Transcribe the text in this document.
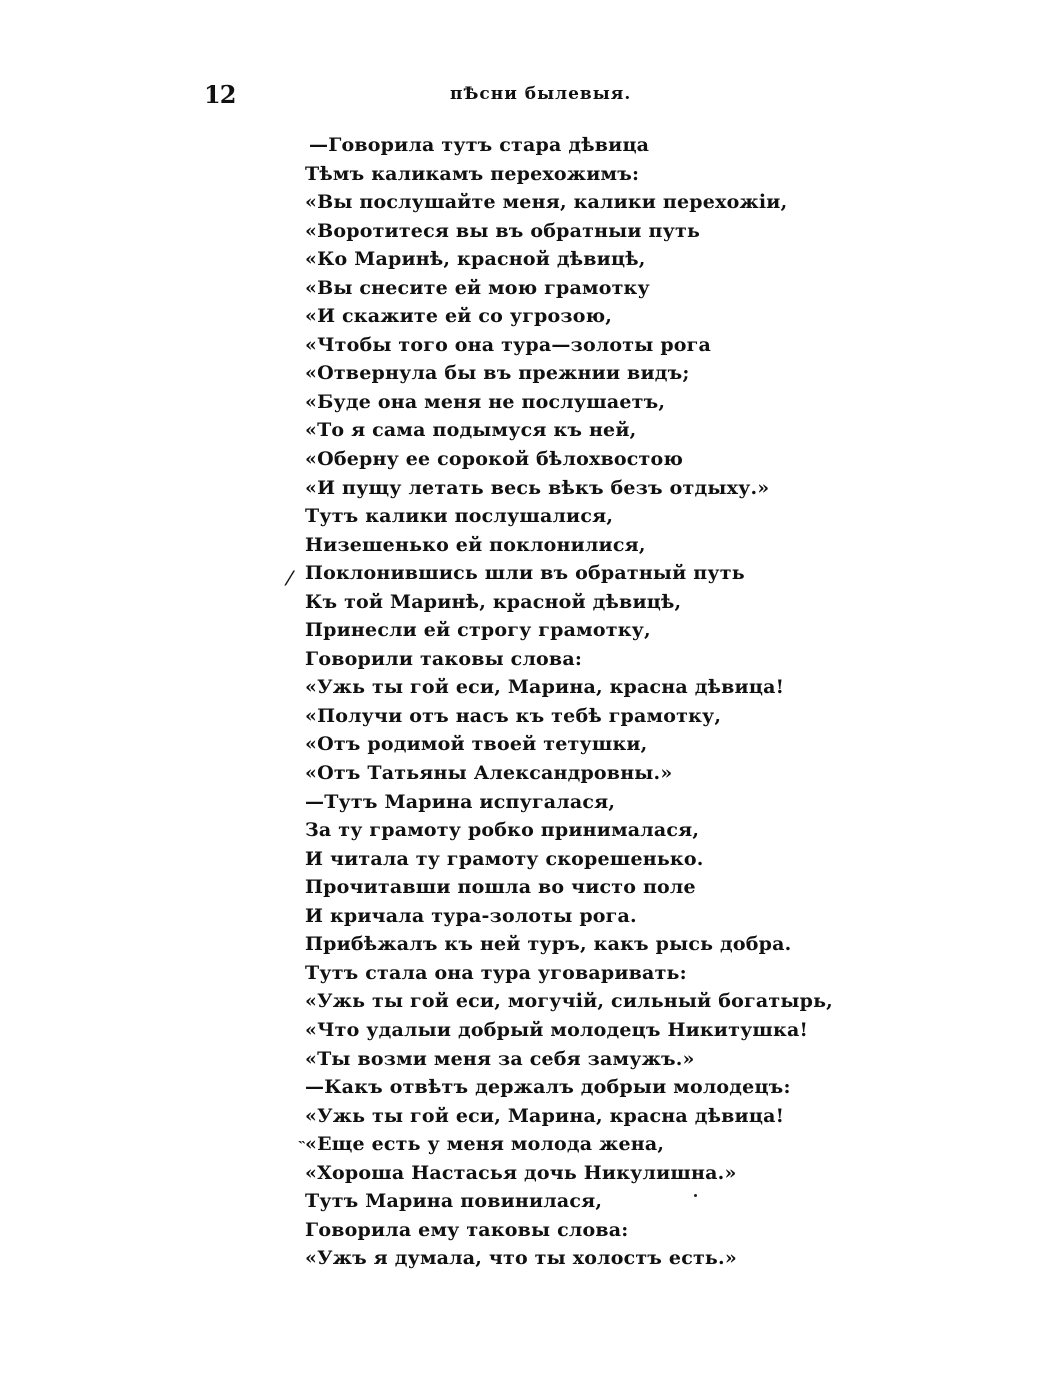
12	пѢсни былевыя.
—Говорила тутъ стара дѣвица
Тѣмъ каликамъ перехожимъ:
«Вы послушайте меня, калики перехожіи,
«Воротитеся вы въ обратныи путь
«Ко Маринѣ, красной дѣвицѣ,
«Вы снесите ей мою грамотку
«И скажите ей со угрозою,
«Чтобы того она тура—золоты рога
«Отвернула бы въ прежнии видъ;
«Буде она меня не послушаетъ,
«То я сама подымуся къ ней,
«Оберну ее сорокой бѣлохвостою
«И пущу летать весь вѣкъ безъ отдыху.»
Тутъ калики послушалися,
Низешенько ей поклонилися,
Поклонившись шли въ обратный путь
Къ той Маринѣ, красной дѣвицѣ,
Принесли ей строгу грамотку,
Говорили таковы слова:
«Ужь ты гой еси, Марина, красна дѣвица!
«Получи отъ насъ къ тебѣ грамотку,
«Отъ родимой твоей тетушки,
«Отъ Татьяны Александровны.»
—Тутъ Марина испугалася,
За ту грамоту робко принималася,
И читала ту грамоту скорешенько.
Прочитавши пошла во чисто поле
И кричала тура-золоты рога.
Прибѣжалъ къ ней туръ, какъ рысь добра.
Тутъ стала она тура уговаривать:
«Ужь ты гой еси, могучій, сильный богатырь,
«Что удалыи добрый молодецъ Никитушка!
«Ты возми меня за себя замужъ.»
—Какъ отвѣтъ держалъ добрыи молодецъ:
«Ужь ты гой еси, Марина, красна дѣвица!
«Еще есть у меня молода жена,
«Хороша Настасья дочь Никулишна.»
Тутъ Марина повинилася,
Говорила ему таковы слова:
«Ужъ я думала, что ты холостъ есть.»
⁄
˵
